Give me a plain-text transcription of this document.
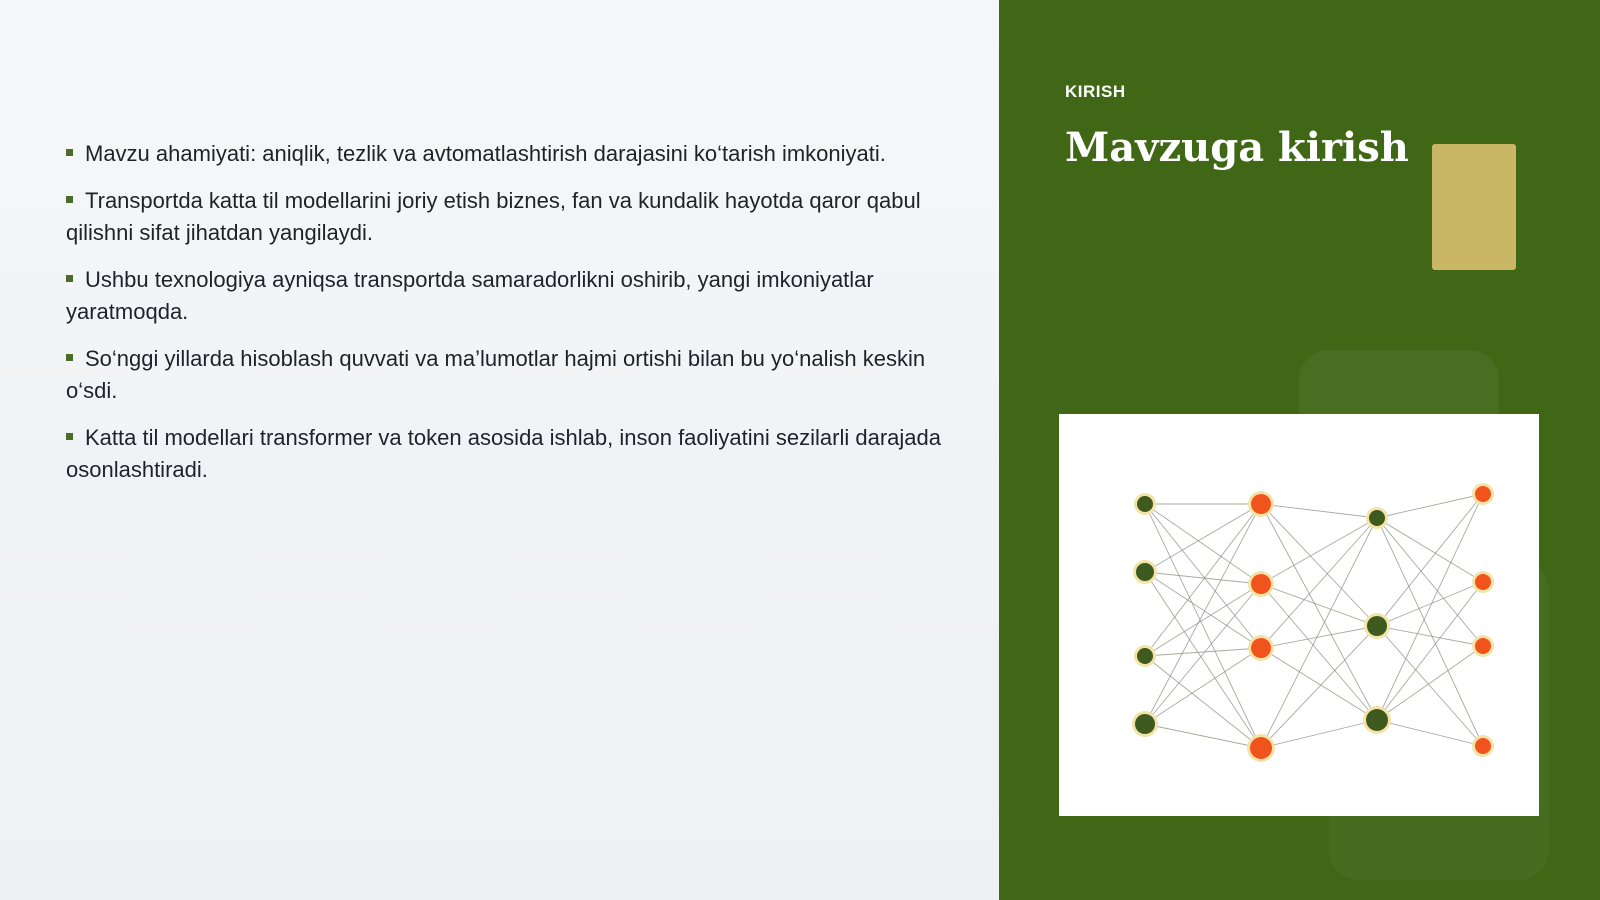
Mavzu ahamiyati: aniqlik, tezlik va avtomatlashtirish darajasini ko‘tarish imkoniyati.
Transportda katta til modellarini joriy etish biznes, fan va kundalik hayotda qaror qabul qilishni sifat jihatdan yangilaydi.
Ushbu texnologiya ayniqsa transportda samaradorlikni oshirib, yangi imkoniyatlar yaratmoqda.
So‘nggi yillarda hisoblash quvvati va ma’lumotlar hajmi ortishi bilan bu yo‘nalish keskin o‘sdi.
Katta til modellari transformer va token asosida ishlab, inson faoliyatini sezilarli darajada osonlashtiradi.
KIRISH
Mavzuga kirish
